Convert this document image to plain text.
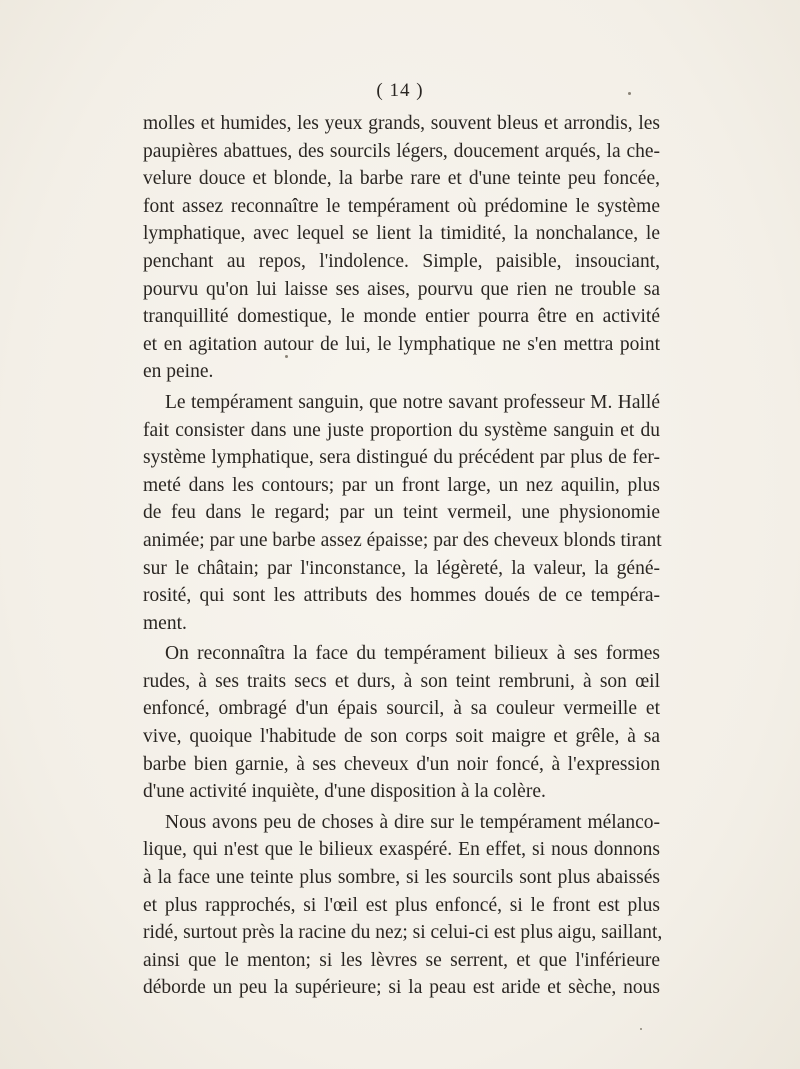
( 14 )
molles et humides, les yeux grands, souvent bleus et arrondis, les
paupières abattues, des sourcils légers, doucement arqués, la che-
velure douce et blonde, la barbe rare et d'une teinte peu foncée,
font assez reconnaître le tempérament où prédomine le système
lymphatique, avec lequel se lient la timidité, la nonchalance, le
penchant au repos, l'indolence. Simple, paisible, insouciant,
pourvu qu'on lui laisse ses aises, pourvu que rien ne trouble sa
tranquillité domestique, le monde entier pourra être en activité
et en agitation autour de lui, le lymphatique ne s'en mettra point
en peine.
Le tempérament sanguin, que notre savant professeur M. Hallé
fait consister dans une juste proportion du système sanguin et du
système lymphatique, sera distingué du précédent par plus de fer-
meté dans les contours; par un front large, un nez aquilin, plus
de feu dans le regard; par un teint vermeil, une physionomie
animée; par une barbe assez épaisse; par des cheveux blonds tirant
sur le châtain; par l'inconstance, la légèreté, la valeur, la géné-
rosité, qui sont les attributs des hommes doués de ce tempéra-
ment.
On reconnaîtra la face du tempérament bilieux à ses formes
rudes, à ses traits secs et durs, à son teint rembruni, à son œil
enfoncé, ombragé d'un épais sourcil, à sa couleur vermeille et
vive, quoique l'habitude de son corps soit maigre et grêle, à sa
barbe bien garnie, à ses cheveux d'un noir foncé, à l'expression
d'une activité inquiète, d'une disposition à la colère.
Nous avons peu de choses à dire sur le tempérament mélanco-
lique, qui n'est que le bilieux exaspéré. En effet, si nous donnons
à la face une teinte plus sombre, si les sourcils sont plus abaissés
et plus rapprochés, si l'œil est plus enfoncé, si le front est plus
ridé, surtout près la racine du nez; si celui-ci est plus aigu, saillant,
ainsi que le menton; si les lèvres se serrent, et que l'inférieure
déborde un peu la supérieure; si la peau est aride et sèche, nous
